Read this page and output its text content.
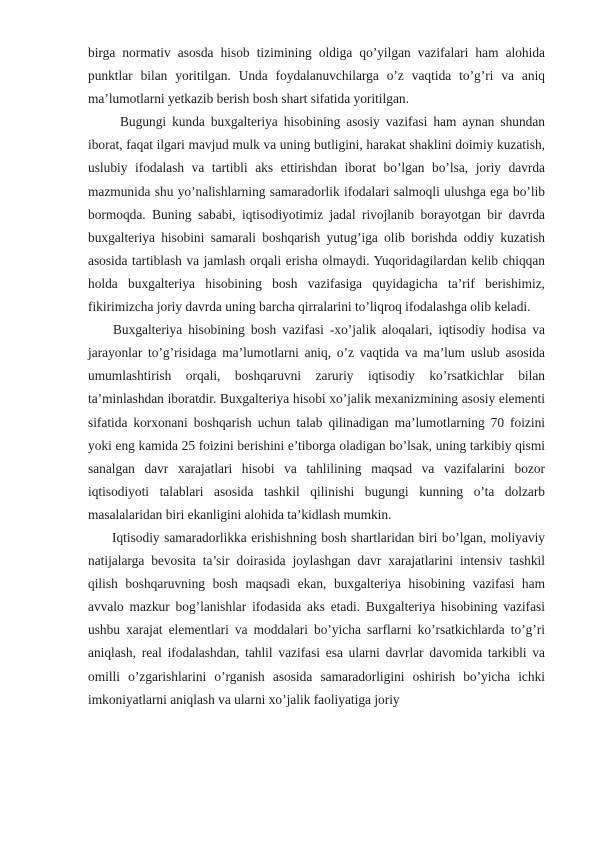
birga normativ asosda hisob tizimining oldiga qo’yilgan vazifalari ham alohida punktlar bilan yoritilgan. Unda foydalanuvchilarga o’z vaqtida to’g’ri va aniq ma’lumotlarni yetkazib berish bosh shart sifatida yoritilgan.

Bugungi kunda buxgalteriya hisobining asosiy vazifasi ham aynan shundan iborat, faqat ilgari mavjud mulk va uning butligini, harakat shaklini doimiy kuzatish, uslubiy ifodalash va tartibli aks ettirishdan iborat bo’lgan bo’lsa, joriy davrda mazmunida shu yo’nalishlarning samaradorlik ifodalari salmoqli ulushga ega bo’lib bormoqda. Buning sababi, iqtisodiyotimiz jadal rivojlanib borayotgan bir davrda buxgalteriya hisobini samarali boshqarish yutug’iga olib borishda oddiy kuzatish asosida tartiblash va jamlash orqali erisha olmaydi. Yuqoridagilardan kelib chiqqan holda buxgalteriya hisobining bosh vazifasiga quyidagicha ta’rif berishimiz, fikirimizcha joriy davrda uning barcha qirralarini to’liqroq ifodalashga olib keladi.

Buxgalteriya hisobining bosh vazifasi -xo’jalik aloqalari, iqtisodiy hodisa va jarayonlar to’g’risidaga ma’lumotlarni aniq, o’z vaqtida va ma’lum uslub asosida umumlashtirish orqali, boshqaruvni zaruriy iqtisodiy ko’rsatkichlar bilan ta’minlashdan iboratdir. Buxgalteriya hisobi xo’jalik mexanizmining asosiy elementi sifatida korxonani boshqarish uchun talab qilinadigan ma’lumotlarning 70 foizini yoki eng kamida 25 foizini berishini e’tiborga oladigan bo’lsak, uning tarkibiy qismi sanalgan davr xarajatlari hisobi va tahlilining maqsad va vazifalarini bozor iqtisodiyoti talablari asosida tashkil qilinishi bugungi kunning o’ta dolzarb masalalaridan biri ekanligini alohida ta’kidlash mumkin.

Iqtisodiy samaradorlikka erishishning bosh shartlaridan biri bo’lgan, moliyaviy natijalarga bevosita ta’sir doirasida joylashgan davr xarajatlarini intensiv tashkil qilish boshqaruvning bosh maqsadi ekan, buxgalteriya hisobining vazifasi ham avvalo mazkur bog’lanishlar ifodasida aks etadi. Buxgalteriya hisobining vazifasi ushbu xarajat elementlari va moddalari bo’yicha sarflarni ko’rsatkichlarda to’g’ri aniqlash, real ifodalashdan, tahlil vazifasi esa ularni davrlar davomida tarkibli va omilli o’zgarishlarini o’rganish asosida samaradorligini oshirish bo’yicha ichki imkoniyatlarni aniqlash va ularni xo’jalik faoliyatiga joriy
